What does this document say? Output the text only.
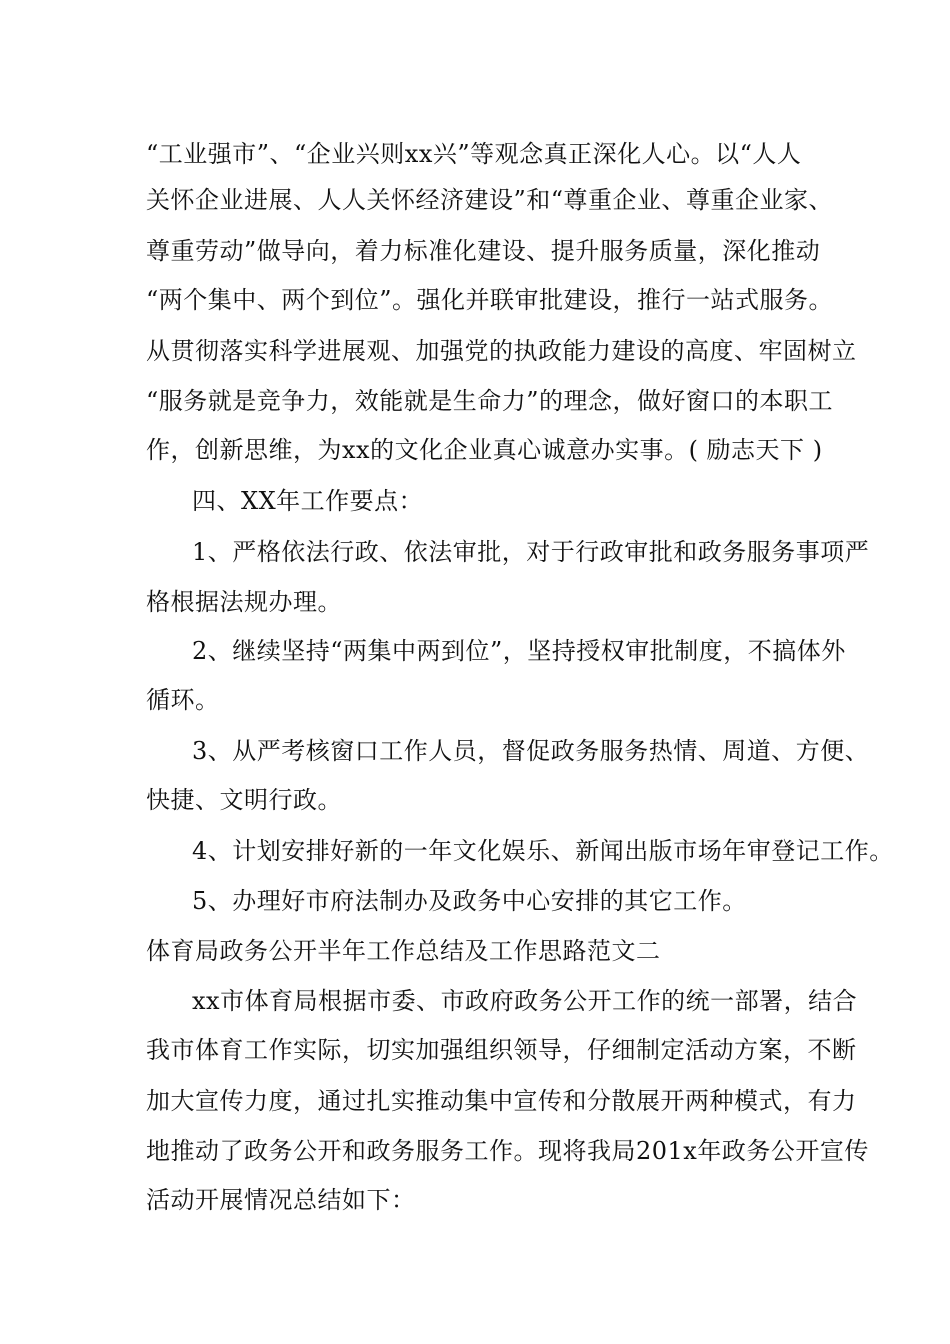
“工业强市”、“企业兴则xx兴”等观念真正深化人心。以“人人
关怀企业进展、人人关怀经济建设”和“尊重企业、尊重企业家、
尊重劳动”做导向，着力标准化建设、提升服务质量，深化推动
“两个集中、两个到位”。强化并联审批建设，推行一站式服务。
从贯彻落实科学进展观、加强党的执政能力建设的高度、牢固树立
“服务就是竞争力，效能就是生命力”的理念，做好窗口的本职工
作，创新思维，为xx的文化企业真心诚意办实事。( 励志天下 )
四、XX年工作要点：
1、严格依法行政、依法审批，对于行政审批和政务服务事项严
格根据法规办理。
2、继续坚持“两集中两到位”，坚持授权审批制度，不搞体外
循环。
3、从严考核窗口工作人员，督促政务服务热情、周道、方便、
快捷、文明行政。
4、计划安排好新的一年文化娱乐、新闻出版市场年审登记工作。
5、办理好市府法制办及政务中心安排的其它工作。
体育局政务公开半年工作总结及工作思路范文二
xx市体育局根据市委、市政府政务公开工作的统一部署，结合
我市体育工作实际，切实加强组织领导，仔细制定活动方案，不断
加大宣传力度，通过扎实推动集中宣传和分散展开两种模式，有力
地推动了政务公开和政务服务工作。现将我局201x年政务公开宣传
活动开展情况总结如下：
